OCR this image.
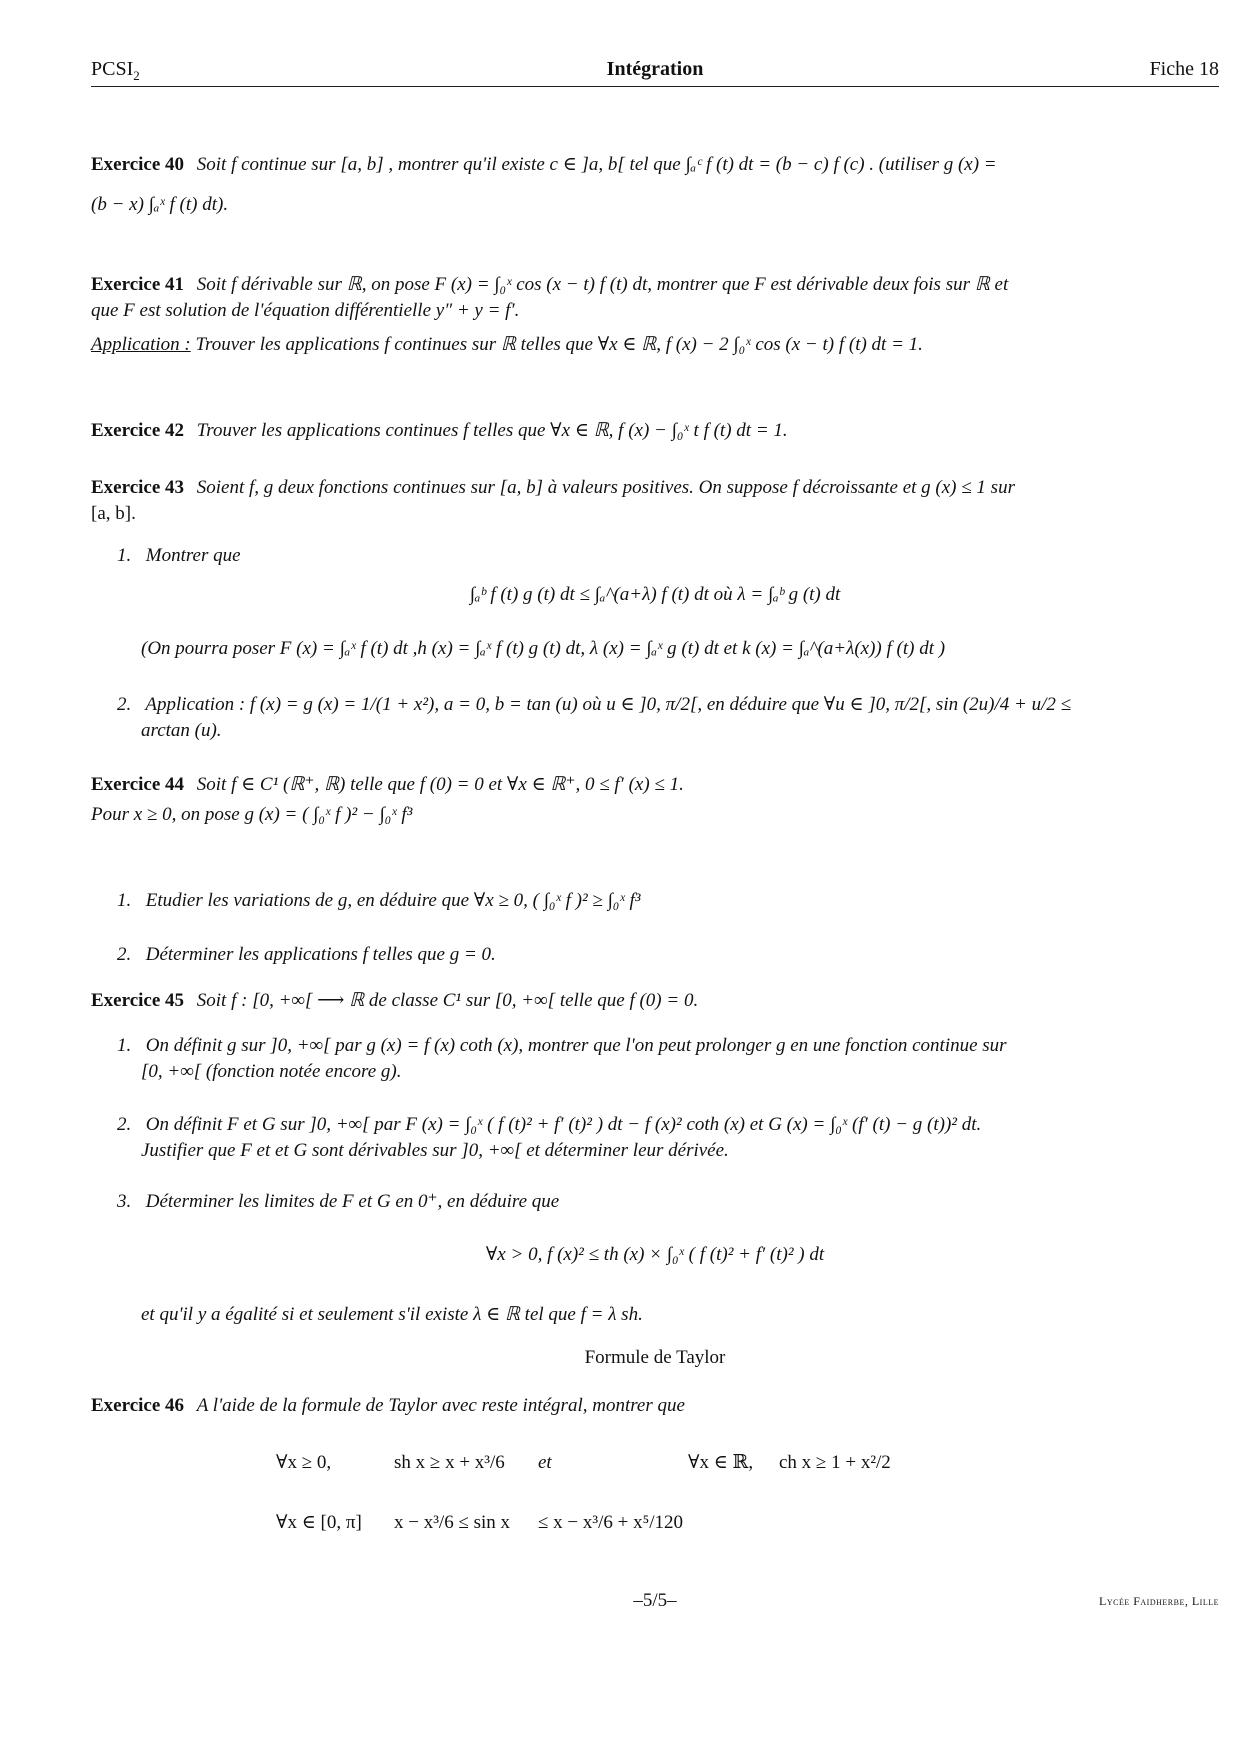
$PCSI_2$	Intégration	Fiche 18
Exercice 40 Soit f continue sur [a, b] , montrer qu'il existe c ∈ ]a, b[ tel que ∫ₐᶜ f (t) dt = (b − c) f (c) . (utiliser g (x) =
(b − x) ∫ₐˣ f (t) dt).
Exercice 41 Soit f dérivable sur ℝ, on pose F (x) = ∫₀ˣ cos (x − t) f (t) dt, montrer que F est dérivable deux fois sur ℝ et
que F est solution de l'équation différentielle y″ + y = f′.
Application : Trouver les applications f continues sur ℝ telles que ∀x ∈ ℝ, f (x) − 2 ∫₀ˣ cos (x − t) f (t) dt = 1.
Exercice 42 Trouver les applications continues f telles que ∀x ∈ ℝ, f (x) − ∫₀ˣ t f (t) dt = 1.
Exercice 43 Soient f, g deux fonctions continues sur [a, b] à valeurs positives. On suppose f décroissante et g (x) ≤ 1 sur
[a, b].
1. Montrer que
∫ₐᵇ f (t) g (t) dt ≤ ∫ₐ^(a+λ) f (t) dt où λ = ∫ₐᵇ g (t) dt
(On pourra poser F (x) = ∫ₐˣ f (t) dt ,h (x) = ∫ₐˣ f (t) g (t) dt, λ (x) = ∫ₐˣ g (t) dt et k (x) = ∫ₐ^(a+λ(x)) f (t) dt )
2. Application : f (x) = g (x) = 1/(1 + x²), a = 0, b = tan (u) où u ∈ ]0, π/2[, en déduire que ∀u ∈ ]0, π/2[, sin (2u)/4 + u/2 ≤
arctan (u).
Exercice 44 Soit f ∈ C¹ (ℝ⁺, ℝ) telle que f (0) = 0 et ∀x ∈ ℝ⁺, 0 ≤ f′ (x) ≤ 1.
Pour x ≥ 0, on pose g (x) = ( ∫₀ˣ f )² − ∫₀ˣ f³
1. Etudier les variations de g, en déduire que ∀x ≥ 0, ( ∫₀ˣ f )² ≥ ∫₀ˣ f³
2. Déterminer les applications f telles que g = 0.
Exercice 45 Soit f : [0, +∞[ ⟶ ℝ de classe C¹ sur [0, +∞[ telle que f (0) = 0.
1. On définit g sur ]0, +∞[ par g (x) = f (x) coth (x), montrer que l'on peut prolonger g en une fonction continue sur
[0, +∞[ (fonction notée encore g).
2. On définit F et G sur ]0, +∞[ par F (x) = ∫₀ˣ ( f (t)² + f′ (t)² ) dt − f (x)² coth (x) et G (x) = ∫₀ˣ (f′ (t) − g (t))² dt.
Justifier que F et et G sont dérivables sur ]0, +∞[ et déterminer leur dérivée.
3. Déterminer les limites de F et G en 0⁺, en déduire que
∀x > 0, f (x)² ≤ th (x) × ∫₀ˣ ( f (t)² + f′ (t)² ) dt
et qu'il y a égalité si et seulement s'il existe λ ∈ ℝ tel que f = λ sh.
Formule de Taylor
Exercice 46 A l'aide de la formule de Taylor avec reste intégral, montrer que
∀x ≥ 0,	sh x ≥ x + x³/6 et	∀x ∈ ℝ, ch x ≥ 1 + x²/2
∀x ∈ [0, π] x − x³/6 ≤ sin x ≤ x − x³/6 + x⁵/120
–5/5–	Lycée Faidherbe, Lille
